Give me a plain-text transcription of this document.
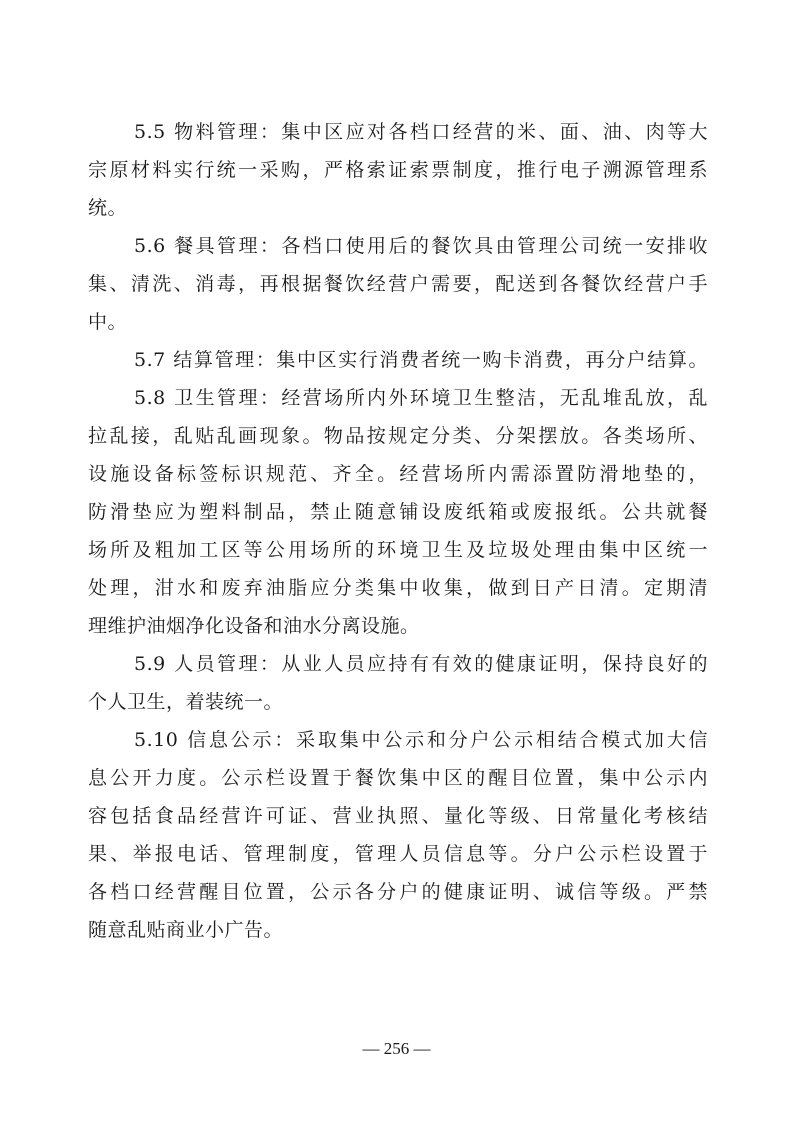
5.5 物料管理：集中区应对各档口经营的米、面、油、肉等大
宗原材料实行统一采购，严格索证索票制度，推行电子溯源管理系
统。
5.6 餐具管理：各档口使用后的餐饮具由管理公司统一安排收
集、清洗、消毒，再根据餐饮经营户需要，配送到各餐饮经营户手
中。
5.7 结算管理：集中区实行消费者统一购卡消费，再分户结算。
5.8 卫生管理：经营场所内外环境卫生整洁，无乱堆乱放，乱
拉乱接，乱贴乱画现象。物品按规定分类、分架摆放。各类场所、
设施设备标签标识规范、齐全。经营场所内需添置防滑地垫的，
防滑垫应为塑料制品，禁止随意铺设废纸箱或废报纸。公共就餐
场所及粗加工区等公用场所的环境卫生及垃圾处理由集中区统一
处理，泔水和废弃油脂应分类集中收集，做到日产日清。定期清
理维护油烟净化设备和油水分离设施。
5.9 人员管理：从业人员应持有有效的健康证明，保持良好的
个人卫生，着装统一。
5.10 信息公示：采取集中公示和分户公示相结合模式加大信
息公开力度。公示栏设置于餐饮集中区的醒目位置，集中公示内
容包括食品经营许可证、营业执照、量化等级、日常量化考核结
果、举报电话、管理制度，管理人员信息等。分户公示栏设置于
各档口经营醒目位置，公示各分户的健康证明、诚信等级。严禁
随意乱贴商业小广告。
— 256 —
